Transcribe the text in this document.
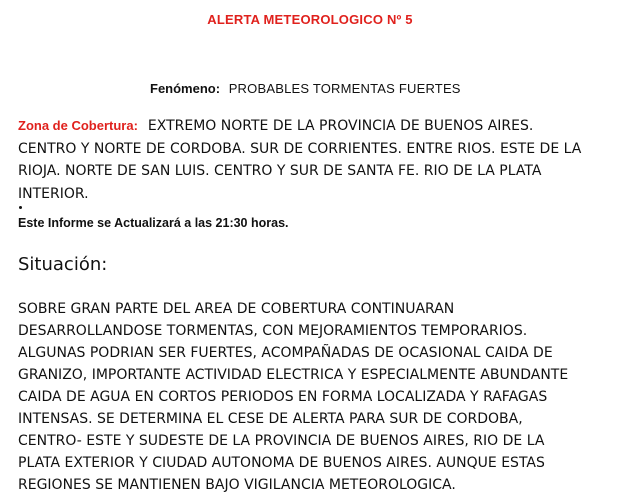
ALERTA METEOROLOGICO Nº 5
Fenómeno: PROBABLES TORMENTAS FUERTES
Zona de Cobertura: EXTREMO NORTE DE LA PROVINCIA DE BUENOS AIRES.
CENTRO Y NORTE DE CORDOBA. SUR DE CORRIENTES. ENTRE RIOS. ESTE DE LA
RIOJA. NORTE DE SAN LUIS. CENTRO Y SUR DE SANTA FE. RIO DE LA PLATA
INTERIOR.
Este Informe se Actualizará a las 21:30 horas.
Situación:
SOBRE GRAN PARTE DEL AREA DE COBERTURA CONTINUARAN
DESARROLLANDOSE TORMENTAS, CON MEJORAMIENTOS TEMPORARIOS.
ALGUNAS PODRIAN SER FUERTES, ACOMPAÑADAS DE OCASIONAL CAIDA DE
GRANIZO, IMPORTANTE ACTIVIDAD ELECTRICA Y ESPECIALMENTE ABUNDANTE
CAIDA DE AGUA EN CORTOS PERIODOS EN FORMA LOCALIZADA Y RAFAGAS
INTENSAS. SE DETERMINA EL CESE DE ALERTA PARA SUR DE CORDOBA,
CENTRO- ESTE Y SUDESTE DE LA PROVINCIA DE BUENOS AIRES, RIO DE LA
PLATA EXTERIOR Y CIUDAD AUTONOMA DE BUENOS AIRES. AUNQUE ESTAS
REGIONES SE MANTIENEN BAJO VIGILANCIA METEOROLOGICA.
